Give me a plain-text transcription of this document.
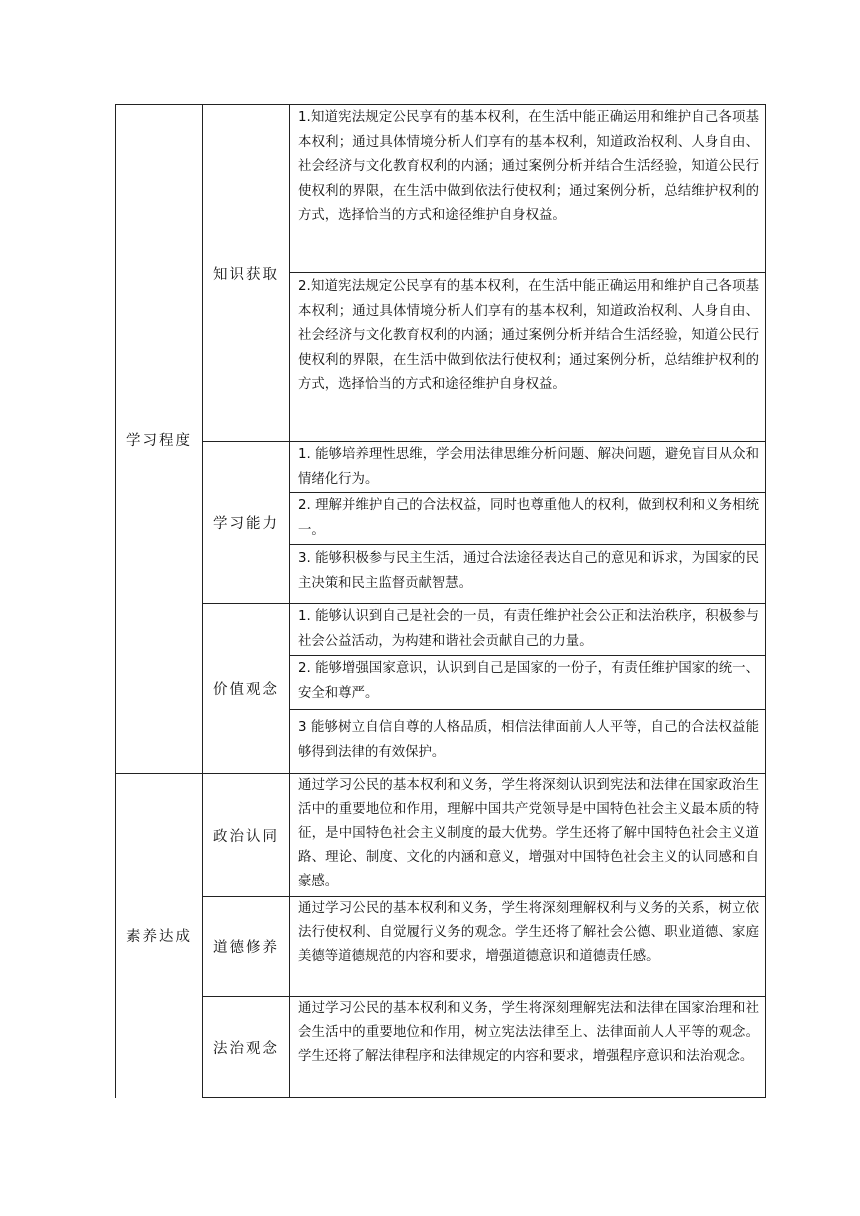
学习程度
知识获取
学习能力
价值观念
1.知道宪法规定公民享有的基本权利，在生活中能正确运用和维护自己各项基本权利；通过具体情境分析人们享有的基本权利，知道政治权利、人身自由、社会经济与文化教育权利的内涵；通过案例分析并结合生活经验，知道公民行使权利的界限，在生活中做到依法行使权利；通过案例分析，总结维护权利的方式，选择恰当的方式和途径维护自身权益。
2.知道宪法规定公民享有的基本权利，在生活中能正确运用和维护自己各项基本权利；通过具体情境分析人们享有的基本权利，知道政治权利、人身自由、社会经济与文化教育权利的内涵；通过案例分析并结合生活经验，知道公民行使权利的界限，在生活中做到依法行使权利；通过案例分析，总结维护权利的方式，选择恰当的方式和途径维护自身权益。
1. 能够培养理性思维，学会用法律思维分析问题、解决问题，避免盲目从众和情绪化行为。
2. 理解并维护自己的合法权益，同时也尊重他人的权利，做到权利和义务相统一。
3. 能够积极参与民主生活，通过合法途径表达自己的意见和诉求，为国家的民主决策和民主监督贡献智慧。
1. 能够认识到自己是社会的一员，有责任维护社会公正和法治秩序，积极参与社会公益活动，为构建和谐社会贡献自己的力量。
2. 能够增强国家意识，认识到自己是国家的一份子，有责任维护国家的统一、安全和尊严。
3 能够树立自信自尊的人格品质，相信法律面前人人平等，自己的合法权益能够得到法律的有效保护。
素养达成
政治认同
道德修养
法治观念
通过学习公民的基本权利和义务，学生将深刻认识到宪法和法律在国家政治生活中的重要地位和作用，理解中国共产党领导是中国特色社会主义最本质的特征，是中国特色社会主义制度的最大优势。学生还将了解中国特色社会主义道路、理论、制度、文化的内涵和意义，增强对中国特色社会主义的认同感和自豪感。
通过学习公民的基本权利和义务，学生将深刻理解权利与义务的关系，树立依法行使权利、自觉履行义务的观念。学生还将了解社会公德、职业道德、家庭美德等道德规范的内容和要求，增强道德意识和道德责任感。
通过学习公民的基本权利和义务，学生将深刻理解宪法和法律在国家治理和社会生活中的重要地位和作用，树立宪法法律至上、法律面前人人平等的观念。学生还将了解法律程序和法律规定的内容和要求，增强程序意识和法治观念。
